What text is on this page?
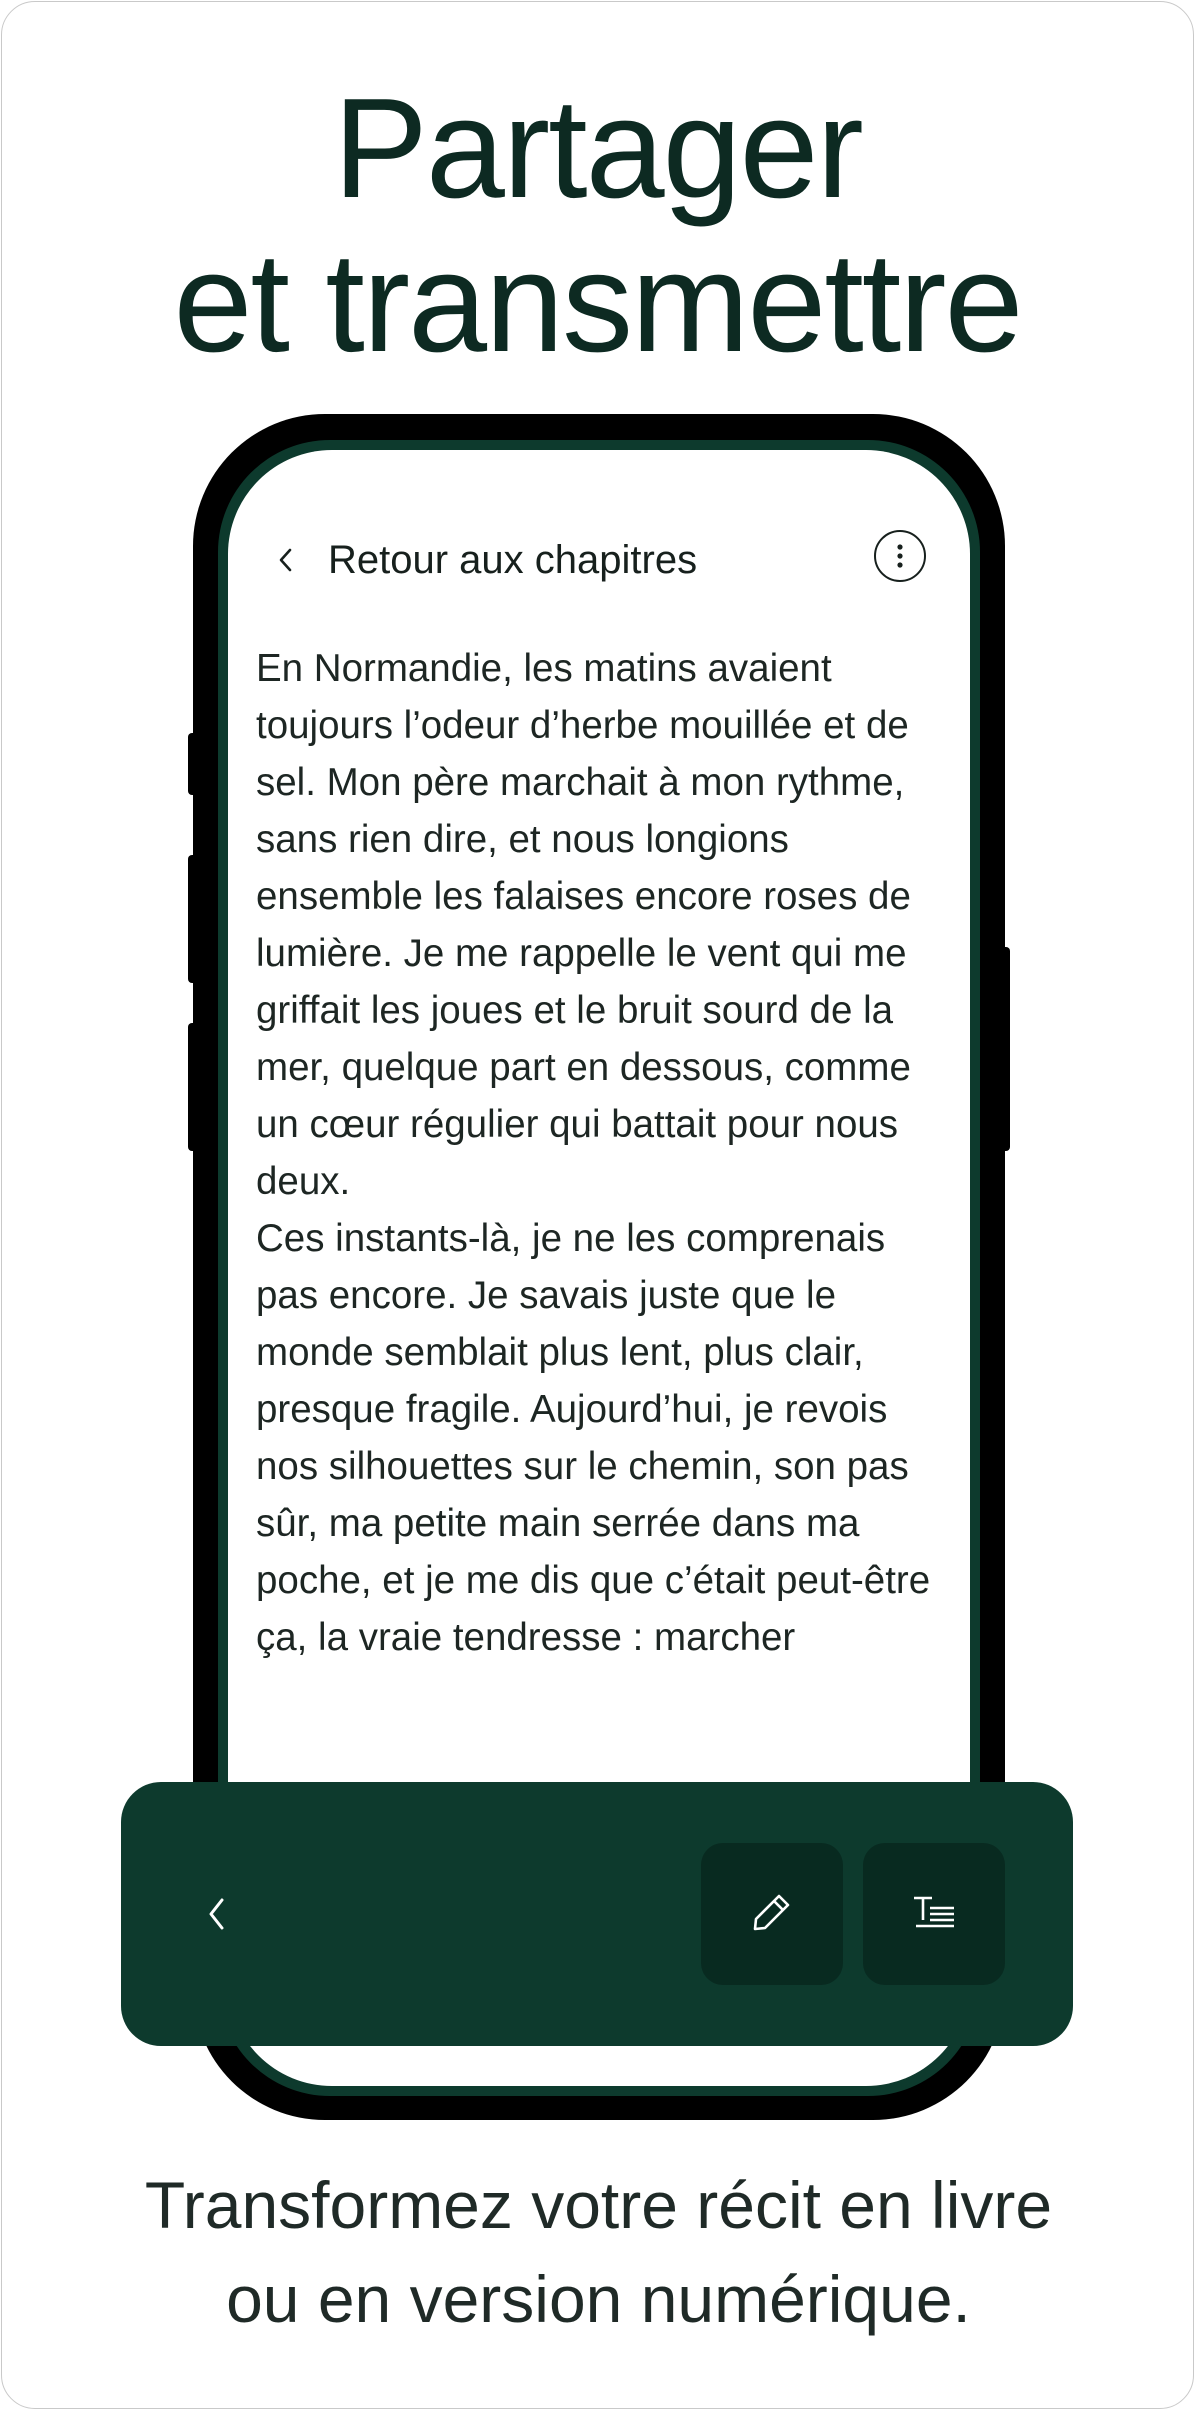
Partager
et transmettre
Retour aux chapitres

En Normandie, les matins avaient toujours l’odeur d’herbe mouillée et de sel. Mon père marchait à mon rythme, sans rien dire, et nous longions ensemble les falaises encore roses de lumière. Je me rappelle le vent qui me griffait les joues et le bruit sourd de la mer, quelque part en dessous, comme un cœur régulier qui battait pour nous deux.

Ces instants-là, je ne les comprenais pas encore. Je savais juste que le monde semblait plus lent, plus clair, presque fragile. Aujourd’hui, je revois nos silhouettes sur le chemin, son pas sûr, ma petite main serrée dans ma poche, et je me dis que c’était peut-être ça, la vraie tendresse : marcher

Transformez votre récit en livre
ou en version numérique.
